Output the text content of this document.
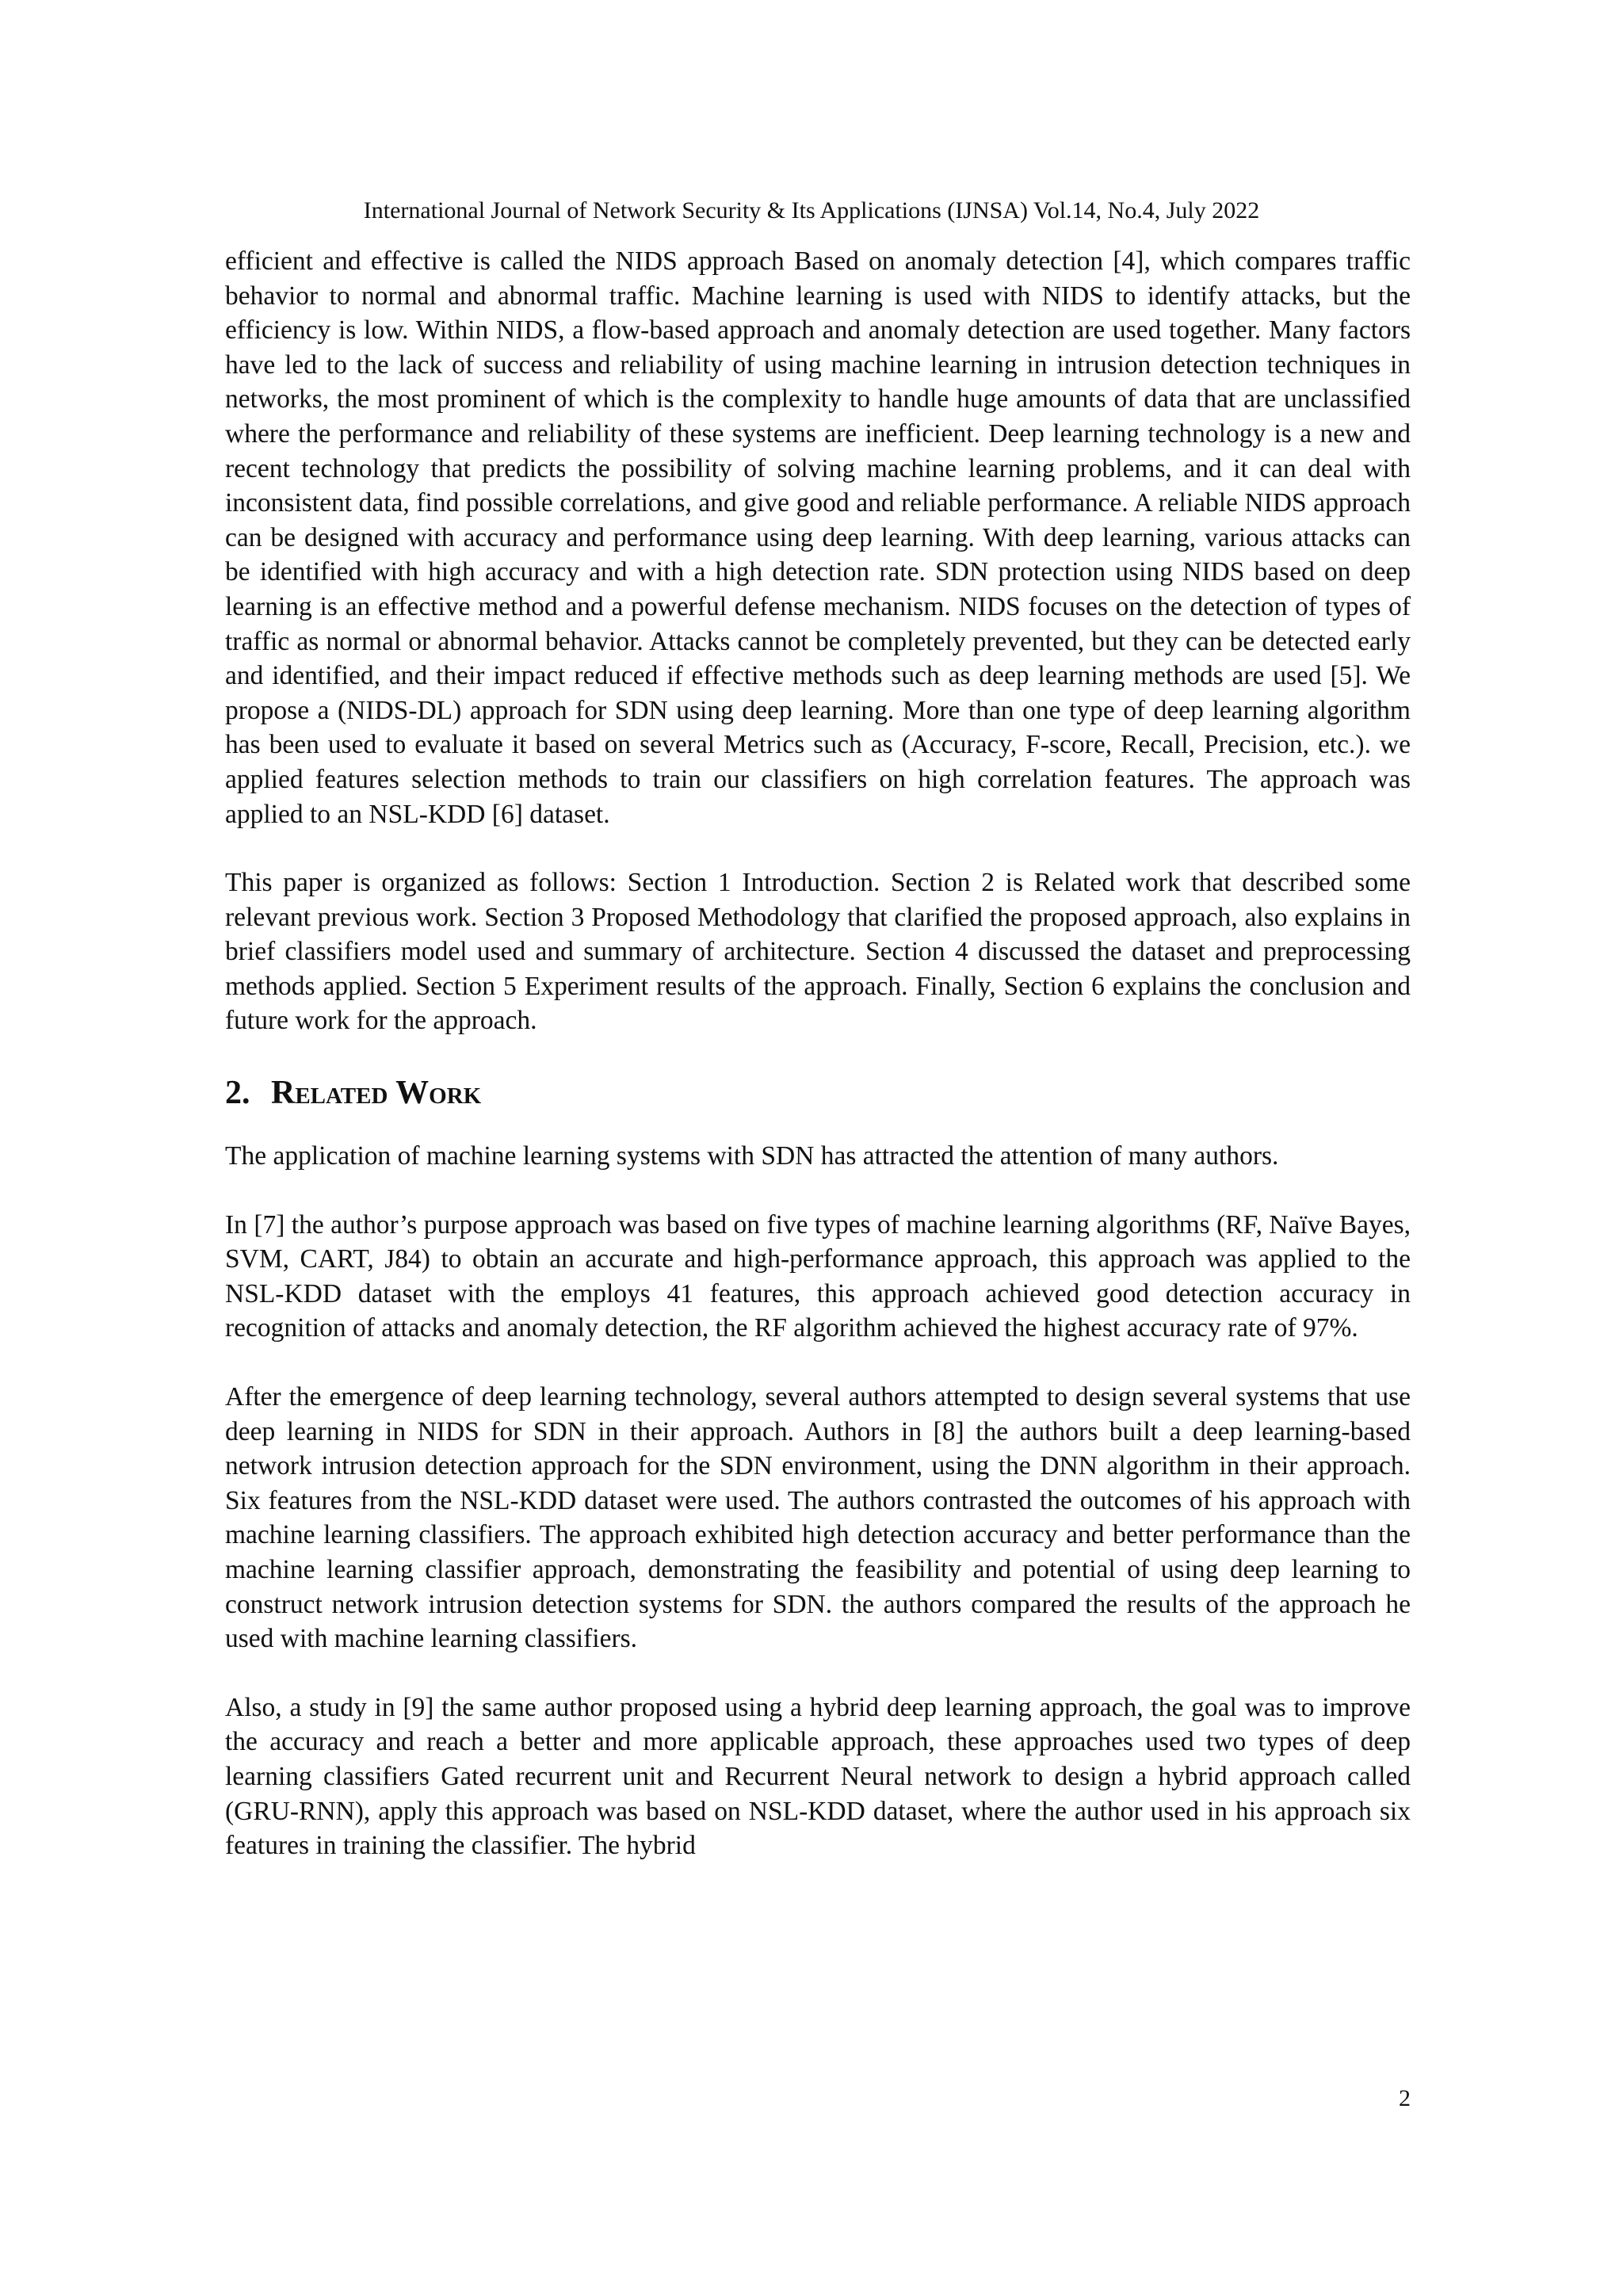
International Journal of Network Security & Its Applications (IJNSA) Vol.14, No.4, July 2022

efficient and effective is called the NIDS approach Based on anomaly detection [4], which compares traffic behavior to normal and abnormal traffic. Machine learning is used with NIDS to identify attacks, but the efficiency is low. Within NIDS, a flow-based approach and anomaly detection are used together. Many factors have led to the lack of success and reliability of using machine learning in intrusion detection techniques in networks, the most prominent of which is the complexity to handle huge amounts of data that are unclassified where the performance and reliability of these systems are inefficient. Deep learning technology is a new and recent technology that predicts the possibility of solving machine learning problems, and it can deal with inconsistent data, find possible correlations, and give good and reliable performance. A reliable NIDS approach can be designed with accuracy and performance using deep learning. With deep learning, various attacks can be identified with high accuracy and with a high detection rate. SDN protection using NIDS based on deep learning is an effective method and a powerful defense mechanism. NIDS focuses on the detection of types of traffic as normal or abnormal behavior. Attacks cannot be completely prevented, but they can be detected early and identified, and their impact reduced if effective methods such as deep learning methods are used [5]. We propose a (NIDS-DL) approach for SDN using deep learning. More than one type of deep learning algorithm has been used to evaluate it based on several Metrics such as (Accuracy, F-score, Recall, Precision, etc.). we applied features selection methods to train our classifiers on high correlation features. The approach was applied to an NSL-KDD [6] dataset.

This paper is organized as follows: Section 1 Introduction. Section 2 is Related work that described some relevant previous work. Section 3 Proposed Methodology that clarified the proposed approach, also explains in brief classifiers model used and summary of architecture. Section 4 discussed the dataset and preprocessing methods applied. Section 5 Experiment results of the approach. Finally, Section 6 explains the conclusion and future work for the approach.

2. Related Work

The application of machine learning systems with SDN has attracted the attention of many authors.

In [7] the author’s purpose approach was based on five types of machine learning algorithms (RF, Naïve Bayes, SVM, CART, J84) to obtain an accurate and high-performance approach, this approach was applied to the NSL-KDD dataset with the employs 41 features, this approach achieved good detection accuracy in recognition of attacks and anomaly detection, the RF algorithm achieved the highest accuracy rate of 97%.

After the emergence of deep learning technology, several authors attempted to design several systems that use deep learning in NIDS for SDN in their approach. Authors in [8] the authors built a deep learning-based network intrusion detection approach for the SDN environment, using the DNN algorithm in their approach. Six features from the NSL-KDD dataset were used. The authors contrasted the outcomes of his approach with machine learning classifiers. The approach exhibited high detection accuracy and better performance than the machine learning classifier approach, demonstrating the feasibility and potential of using deep learning to construct network intrusion detection systems for SDN. the authors compared the results of the approach he used with machine learning classifiers.

Also, a study in [9] the same author proposed using a hybrid deep learning approach, the goal was to improve the accuracy and reach a better and more applicable approach, these approaches used two types of deep learning classifiers Gated recurrent unit and Recurrent Neural network to design a hybrid approach called (GRU-RNN), apply this approach was based on NSL-KDD dataset, where the author used in his approach six features in training the classifier. The hybrid

2
